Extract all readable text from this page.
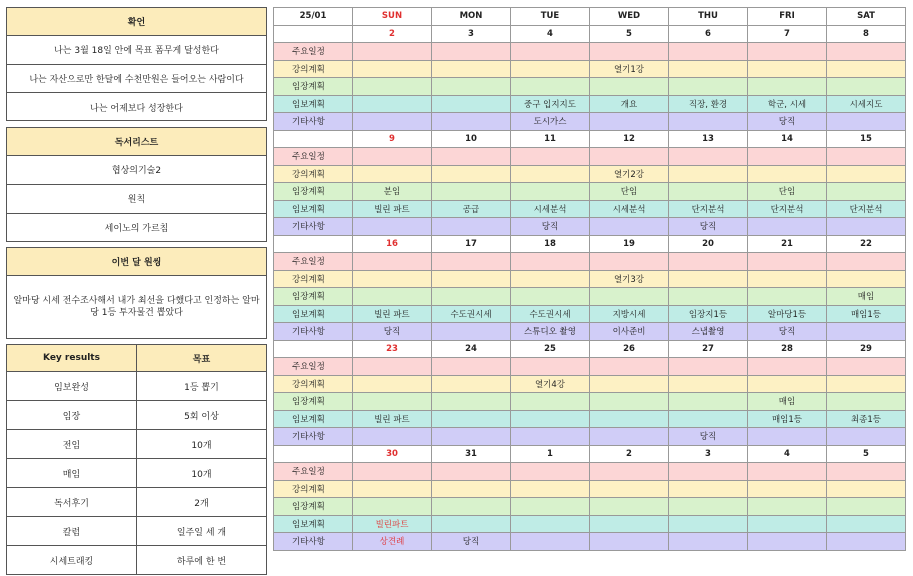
확언
나는 3월 18일 안에 목표 폼무게 달성한다
나는 자산으로만 한달에 수천만원은 들어오는 사람이다
나는 어제보다 성장한다
독서리스트
협상의기술2
원칙
세이노의 가르침
이번 달 원씽
알마당 시세 전수조사해서 내가 최선을 다했다고 인정하는 알마당 1등 투자물건 뽑았다
Key results	목표
임보완성	1등 뽑기
임장	5회 이상
전임	10개
매임	10개
독서후기	2개
칼럼	일주일 세 개
시세트래킹	하루에 한 번
25/01	SUN	MON	TUE	WED	THU	FRI	SAT
	2	3	4	5	6	7	8
주요일정							
강의계획				열기1강			
임장계획							
임보계획			중구 입지지도	개요	직장, 환경	학군, 시세	시세지도
기타사항			도시가스			당직	
	9	10	11	12	13	14	15
주요일정							
강의계획				열기2강			
임장계획	분임			단임		단임	
임보계획	빌린 파트	공급	시세분석	시세분석	단지분석	단지분석	단지분석
기타사항			당직		당직		
	16	17	18	19	20	21	22
주요일정							
강의계획				열기3강			
임장계획							매임
임보계획	빌린 파트	수도권시세	수도권시세	지방시세	임장지1등	알마당1등	매임1등
기타사항	당직		스튜디오 촬영	이사준비	스냅촬영	당직	
	23	24	25	26	27	28	29
주요일정							
강의계획			열기4강				
임장계획						매임	
임보계획	빌린 파트					매임1등	최종1등
기타사항					당직		
	30	31	1	2	3	4	5
주요일정							
강의계획							
임장계획							
임보계획	빌린파트						
기타사항	상견례	당직					
